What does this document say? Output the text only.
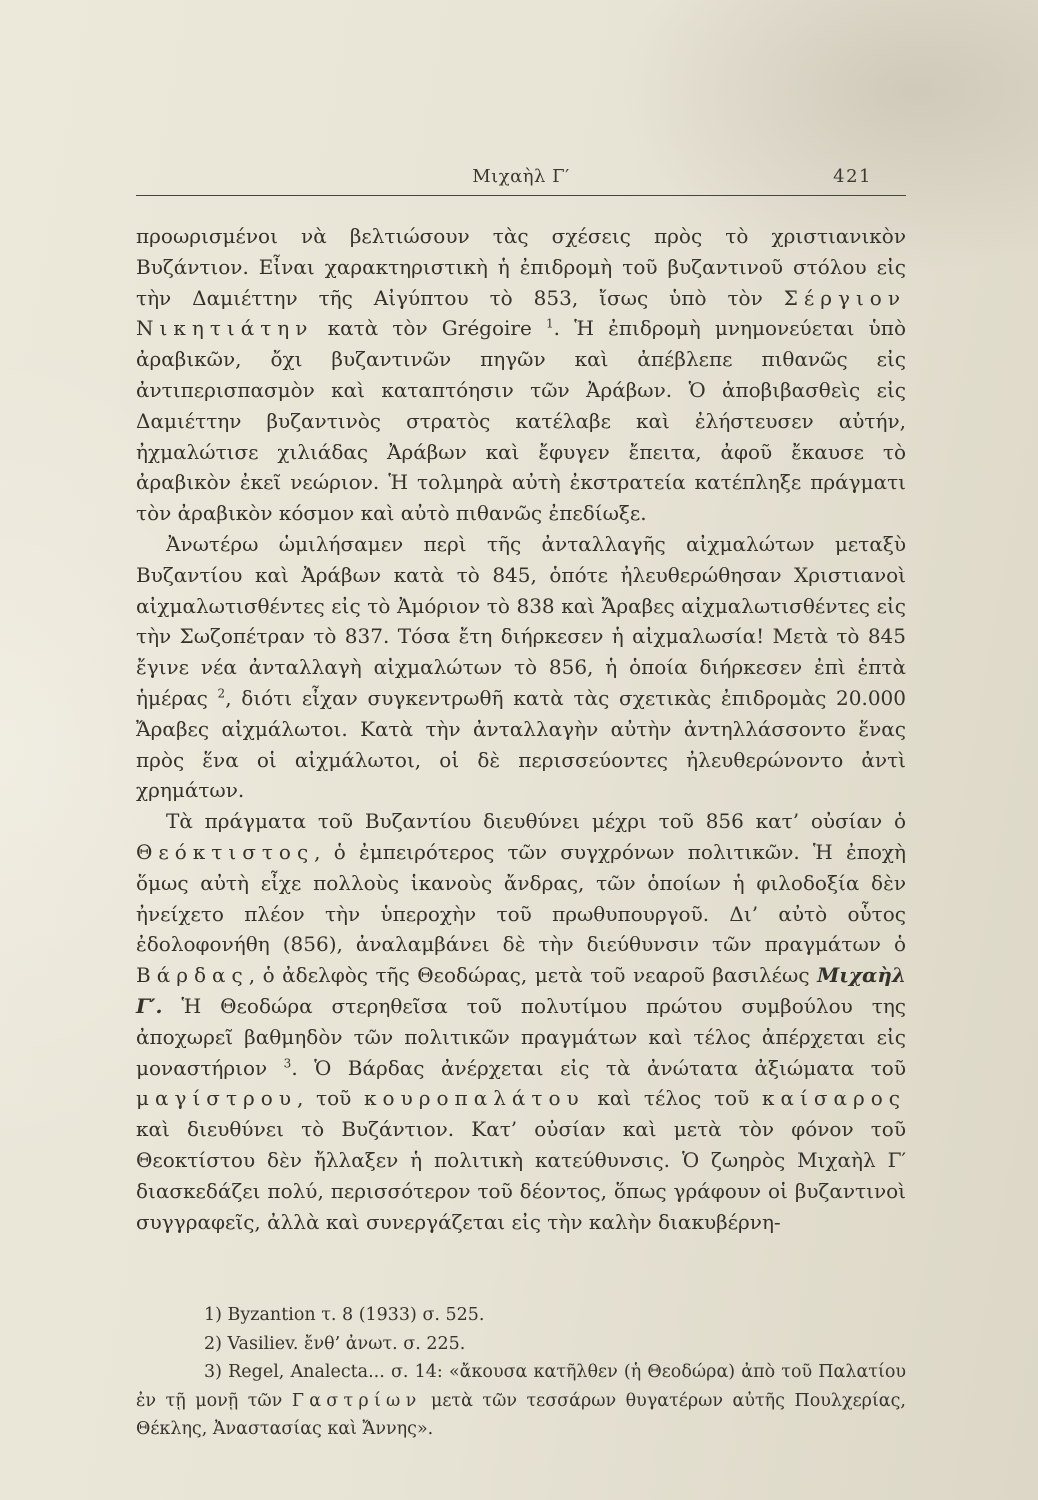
Μιχαὴλ Γ′	421

προωρισμένοι νὰ βελτιώσουν τὰς σχέσεις πρὸς τὸ χριστιανικὸν Βυζάντιον. Εἶναι χαρακτηριστικὴ ἡ ἐπιδρομὴ τοῦ βυζαντινοῦ στόλου εἰς τὴν Δαμιέττην τῆς Αἰγύπτου τὸ 853, ἴσως ὑπὸ τὸν Σέργιον Νικητιάτην κατὰ τὸν Grégoire $^1$. Ἡ ἐπιδρομὴ μνημονεύεται ὑπὸ ἀραβικῶν, ὄχι βυζαντινῶν πηγῶν καὶ ἀπέβλεπε πιθανῶς εἰς ἀντιπερισπασμὸν καὶ καταπτόησιν τῶν Ἀράβων. Ὁ ἀποβιβασθεὶς εἰς Δαμιέττην βυζαντινὸς στρατὸς κατέλαβε καὶ ἐλήστευσεν αὐτήν, ἠχμαλώτισε χιλιάδας Ἀράβων καὶ ἔφυγεν ἔπειτα, ἀφοῦ ἔκαυσε τὸ ἀραβικὸν ἐκεῖ νεώριον. Ἡ τολμηρὰ αὐτὴ ἐκστρατεία κατέπληξε πράγματι τὸν ἀραβικὸν κόσμον καὶ αὐτὸ πιθανῶς ἐπεδίωξε.

Ἀνωτέρω ὡμιλήσαμεν περὶ τῆς ἀνταλλαγῆς αἰχμαλώτων μεταξὺ Βυζαντίου καὶ Ἀράβων κατὰ τὸ 845, ὁπότε ἠλευθερώθησαν Χριστιανοὶ αἰχμαλωτισθέντες εἰς τὸ Ἀμόριον τὸ 838 καὶ Ἄραβες αἰχμαλωτισθέντες εἰς τὴν Σωζοπέτραν τὸ 837. Τόσα ἔτη διήρκεσεν ἡ αἰχμαλωσία! Μετὰ τὸ 845 ἔγινε νέα ἀνταλλαγὴ αἰχμαλώτων τὸ 856, ἡ ὁποία διήρκεσεν ἐπὶ ἑπτὰ ἡμέρας $^2$, διότι εἶχαν συγκεντρωθῆ κατὰ τὰς σχετικὰς ἐπιδρομὰς 20.000 Ἄραβες αἰχμάλωτοι. Κατὰ τὴν ἀνταλλαγὴν αὐτὴν ἀντηλλάσσοντο ἕνας πρὸς ἕνα οἱ αἰχμάλωτοι, οἱ δὲ περισσεύοντες ἠλευθερώνοντο ἀντὶ χρημάτων.

Τὰ πράγματα τοῦ Βυζαντίου διευθύνει μέχρι τοῦ 856 κατ’ οὐσίαν ὁ Θεόκτιστος, ὁ ἐμπειρότερος τῶν συγχρόνων πολιτικῶν. Ἡ ἐποχὴ ὅμως αὐτὴ εἶχε πολλοὺς ἱκανοὺς ἄνδρας, τῶν ὁποίων ἡ φιλοδοξία δὲν ἠνείχετο πλέον τὴν ὑπεροχὴν τοῦ πρωθυπουργοῦ. Δι’ αὐτὸ οὗτος ἐδολοφονήθη (856), ἀναλαμβάνει δὲ τὴν διεύθυνσιν τῶν πραγμάτων ὁ Βάρδας, ὁ ἀδελφὸς τῆς Θεοδώρας, μετὰ τοῦ νεαροῦ βασιλέως Μιχαὴλ Γ′. Ἡ Θεοδώρα στερηθεῖσα τοῦ πολυτίμου πρώτου συμβούλου της ἀποχωρεῖ βαθμηδὸν τῶν πολιτικῶν πραγμάτων καὶ τέλος ἀπέρχεται εἰς μοναστήριον $^3$. Ὁ Βάρδας ἀνέρχεται εἰς τὰ ἀνώτατα ἀξιώματα τοῦ μαγίστρου, τοῦ κουροπαλάτου καὶ τέλος τοῦ καίσαρος καὶ διευθύνει τὸ Βυζάντιον. Κατ’ οὐσίαν καὶ μετὰ τὸν φόνον τοῦ Θεοκτίστου δὲν ἤλλαξεν ἡ πολιτικὴ κατεύθυνσις. Ὁ ζωηρὸς Μιχαὴλ Γ′ διασκεδάζει πολύ, περισσότερον τοῦ δέοντος, ὅπως γράφουν οἱ βυζαντινοὶ συγγραφεῖς, ἀλλὰ καὶ συνεργάζεται εἰς τὴν καλὴν διακυβέρνη-

1) Byzantion τ. 8 (1933) σ. 525.

2) Vasiliev. ἔνθ’ ἀνωτ. σ. 225.

3) Regel, Analecta... σ. 14: «ἄκουσα κατῆλθεν (ἡ Θεοδώρα) ἀπὸ τοῦ Παλατίου ἐν τῇ μονῇ τῶν Γαστρίων μετὰ τῶν τεσσάρων θυγατέρων αὐτῆς Πουλχερίας, Θέκλης, Ἀναστασίας καὶ Ἄννης».
